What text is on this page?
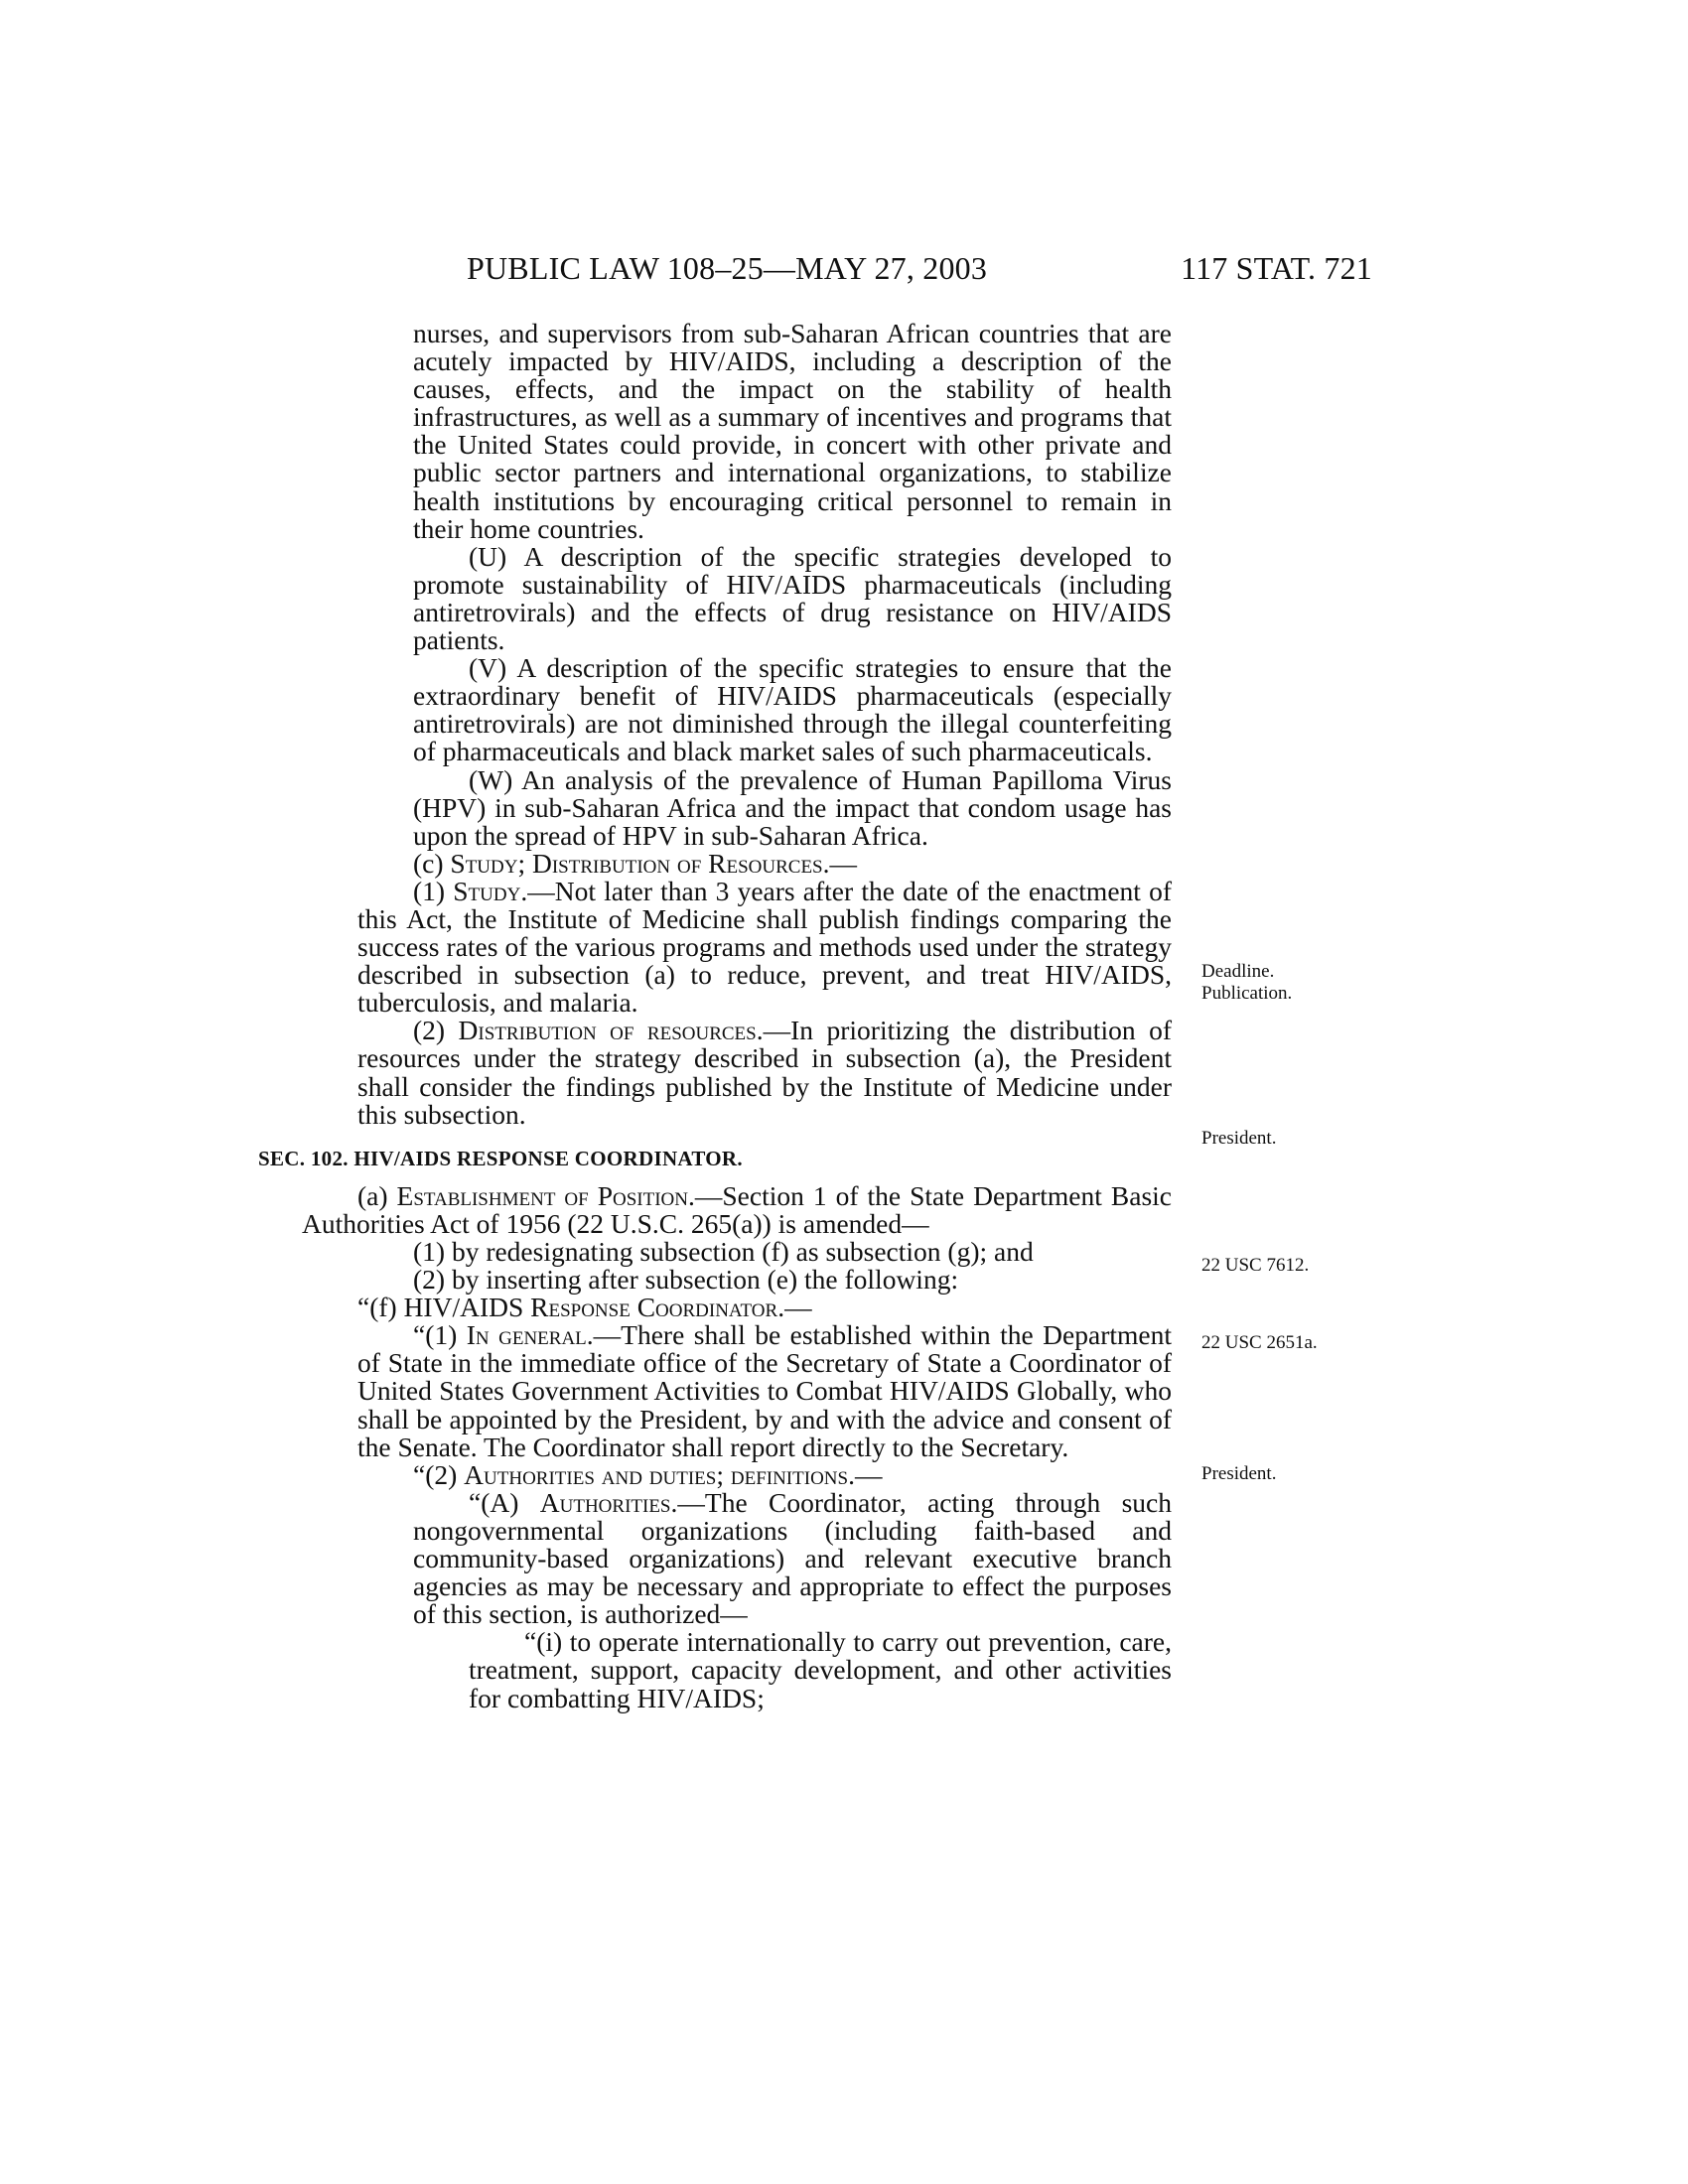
PUBLIC LAW 108–25—MAY 27, 2003	117 STAT. 721

nurses, and supervisors from sub-Saharan African countries that are acutely impacted by HIV/AIDS, including a description of the causes, effects, and the impact on the stability of health infrastructures, as well as a summary of incentives and programs that the United States could provide, in concert with other private and public sector partners and international organizations, to stabilize health institutions by encouraging critical personnel to remain in their home countries.

(U) A description of the specific strategies developed to promote sustainability of HIV/AIDS pharmaceuticals (including antiretrovirals) and the effects of drug resistance on HIV/AIDS patients.

(V) A description of the specific strategies to ensure that the extraordinary benefit of HIV/AIDS pharmaceuticals (especially antiretrovirals) are not diminished through the illegal counterfeiting of pharmaceuticals and black market sales of such pharmaceuticals.

(W) An analysis of the prevalence of Human Papilloma Virus (HPV) in sub-Saharan Africa and the impact that condom usage has upon the spread of HPV in sub-Saharan Africa.

(c) Study; Distribution of Resources.—

(1) Study.—Not later than 3 years after the date of the enactment of this Act, the Institute of Medicine shall publish findings comparing the success rates of the various programs and methods used under the strategy described in subsection (a) to reduce, prevent, and treat HIV/AIDS, tuberculosis, and malaria.

(2) Distribution of resources.—In prioritizing the distribution of resources under the strategy described in subsection (a), the President shall consider the findings published by the Institute of Medicine under this subsection.

SEC. 102. HIV/AIDS RESPONSE COORDINATOR.

(a) Establishment of Position.—Section 1 of the State Department Basic Authorities Act of 1956 (22 U.S.C. 265(a)) is amended—

(1) by redesignating subsection (f) as subsection (g); and

(2) by inserting after subsection (e) the following:

“(f) HIV/AIDS Response Coordinator.—

“(1) In general.—There shall be established within the Department of State in the immediate office of the Secretary of State a Coordinator of United States Government Activities to Combat HIV/AIDS Globally, who shall be appointed by the President, by and with the advice and consent of the Senate. The Coordinator shall report directly to the Secretary.

“(2) Authorities and duties; definitions.—

“(A) Authorities.—The Coordinator, acting through such nongovernmental organizations (including faith-based and community-based organizations) and relevant executive branch agencies as may be necessary and appropriate to effect the purposes of this section, is authorized—

“(i) to operate internationally to carry out prevention, care, treatment, support, capacity development, and other activities for combatting HIV/AIDS;

Deadline.
Publication.
President.
22 USC 7612.
22 USC 2651a.
President.
